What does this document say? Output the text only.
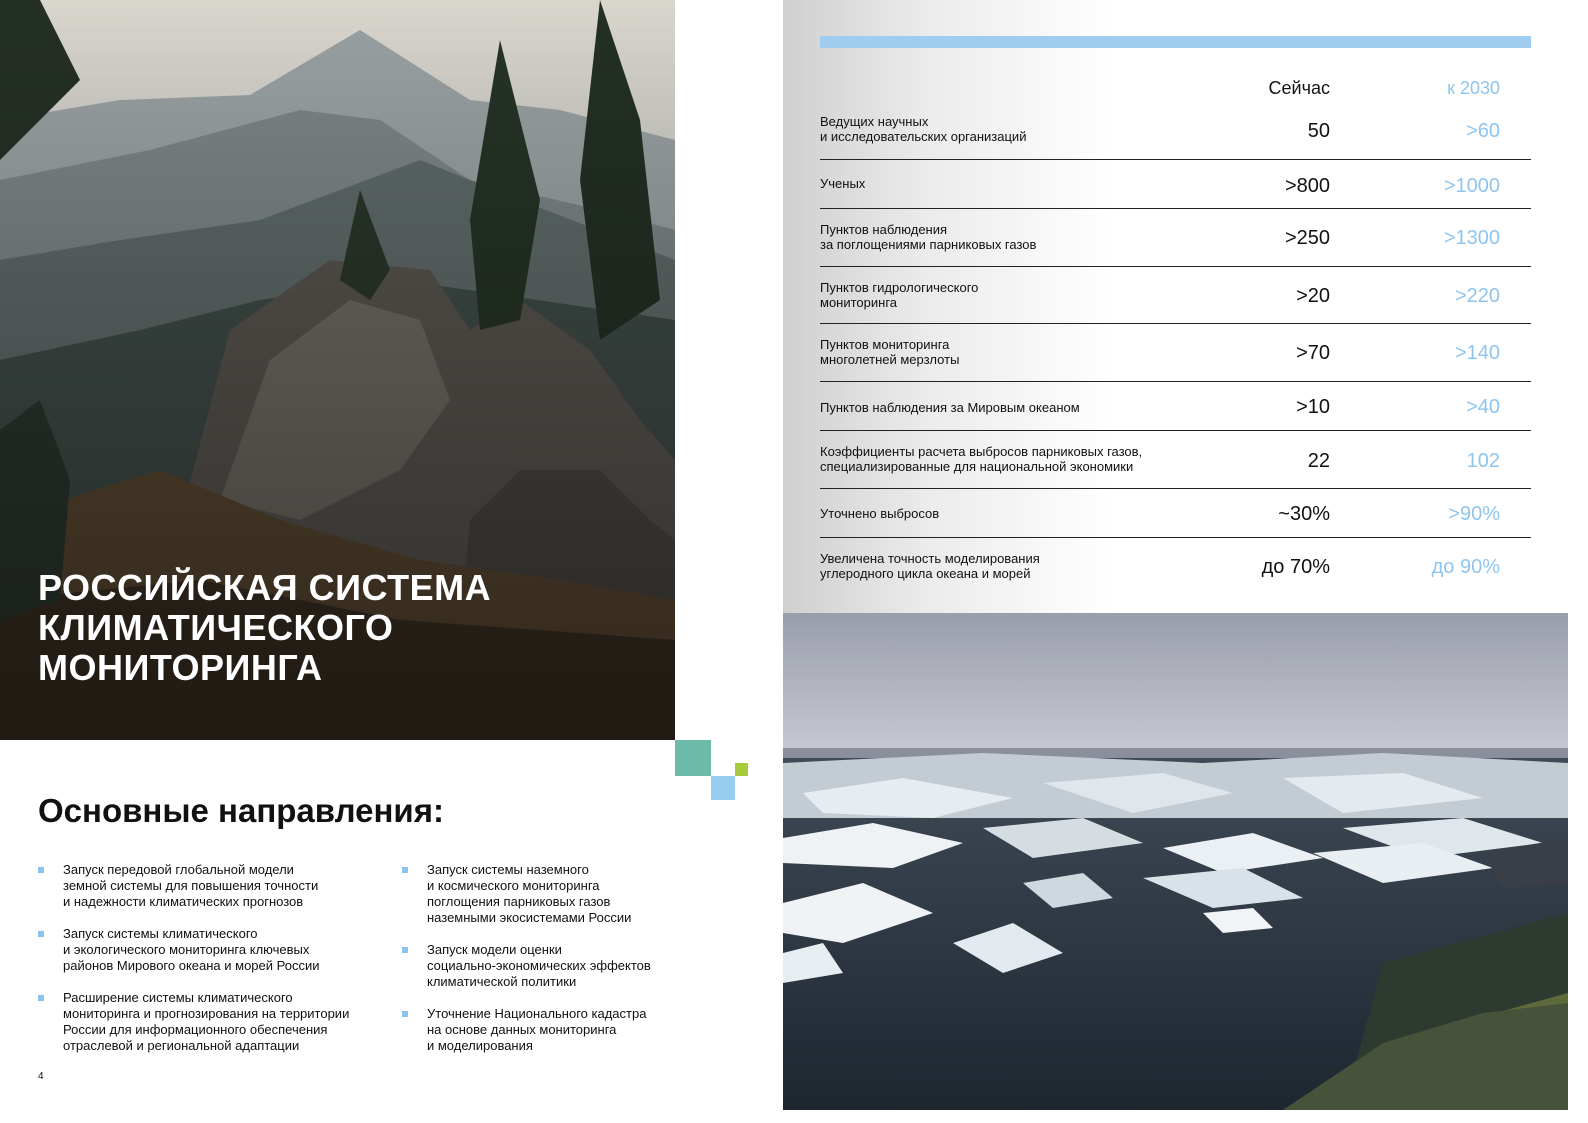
РОССИЙСКАЯ СИСТЕМА
КЛИМАТИЧЕСКОГО
МОНИТОРИНГА
Основные направления:
Запуск передовой глобальной модели
земной системы для повышения точности
и надежности климатических прогнозов
Запуск системы климатического
и экологического мониторинга ключевых
районов Мирового океана и морей России
Расширение системы климатического
мониторинга и прогнозирования на территории
России для информационного обеспечения
отраслевой и региональной адаптации
Запуск системы наземного
и космического мониторинга
поглощения парниковых газов
наземными экосистемами России
Запуск модели оценки
социально-экономических эффектов
климатической политики
Уточнение Национального кадастра
на основе данных мониторинга
и моделирования
4
Сейчас	к 2030
Ведущих научных
и исследовательских организаций	50	>60
Ученых	>800	>1000
Пунктов наблюдения
за поглощениями парниковых газов	>250	>1300
Пунктов гидрологического
мониторинга	>20	>220
Пунктов мониторинга
многолетней мерзлоты	>70	>140
Пунктов наблюдения за Мировым океаном	>10	>40
Коэффициенты расчета выбросов парниковых газов,
специализированные для национальной экономики	22	102
Уточнено выбросов	~30%	>90%
Увеличена точность моделирования
углеродного цикла океана и морей	до 70%	до 90%
